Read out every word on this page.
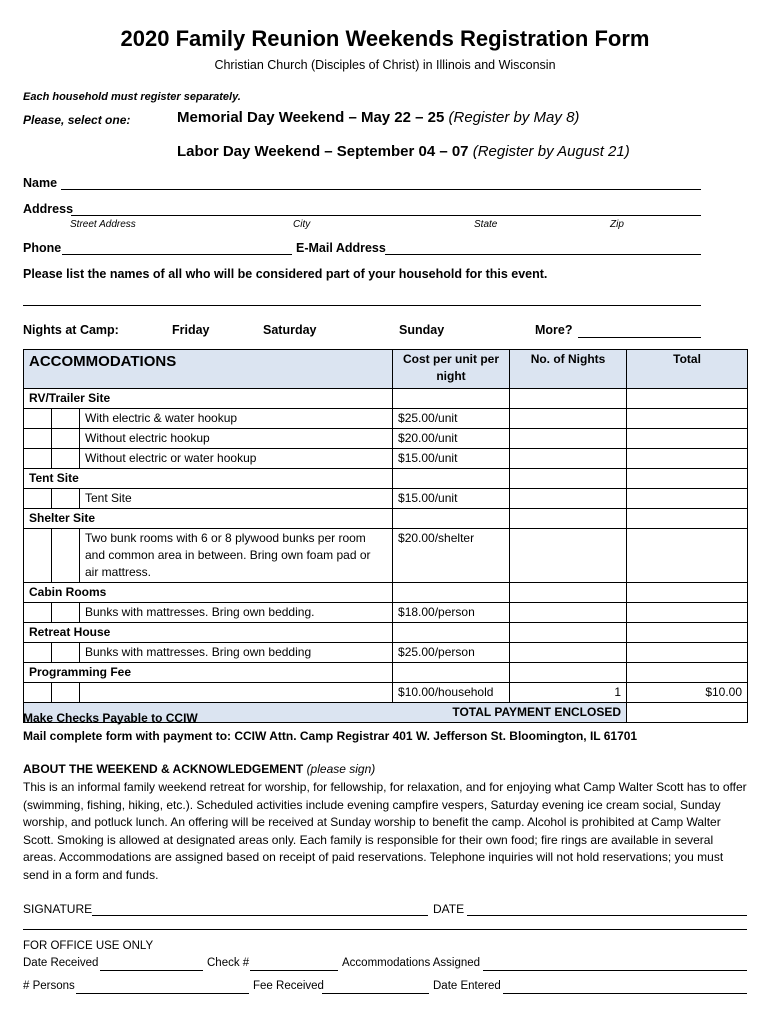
2020 Family Reunion Weekends Registration Form
Christian Church (Disciples of Christ) in Illinois and Wisconsin
Each household must register separately.
Please, select one:	Memorial Day Weekend – May 22 – 25 (Register by May 8)
Labor Day Weekend – September 04 – 07 (Register by August 21)
Name
Address
Street Address	City	State	Zip
Phone	E-Mail Address
Please list the names of all who will be considered part of your household for this event.
Nights at Camp:	Friday	Saturday	Sunday	More?
ACCOMMODATIONS			Cost per unit per night	No. of Nights	Total
RV/Trailer Site					
		With electric & water hookup	$25.00/unit		
		Without electric hookup	$20.00/unit		
		Without electric or water hookup	$15.00/unit		
Tent Site					
		Tent Site	$15.00/unit		
Shelter Site					
		Two bunk rooms with 6 or 8 plywood bunks per room and common area in between. Bring own foam pad or air mattress.	$20.00/shelter		
Cabin Rooms					
		Bunks with mattresses. Bring own bedding.	$18.00/person		
Retreat House					
		Bunks with mattresses. Bring own bedding	$25.00/person		
Programming Fee					
			$10.00/household	1	$10.00
TOTAL PAYMENT ENCLOSED					
Make Checks Payable to CCIW
Mail complete form with payment to: CCIW Attn. Camp Registrar 401 W. Jefferson St. Bloomington, IL 61701
ABOUT THE WEEKEND & ACKNOWLEDGEMENT (please sign)
This is an informal family weekend retreat for worship, for fellowship, for relaxation, and for enjoying what Camp Walter Scott has to offer (swimming, fishing, hiking, etc.). Scheduled activities include evening campfire vespers, Saturday evening ice cream social, Sunday worship, and potluck lunch. An offering will be received at Sunday worship to benefit the camp. Alcohol is prohibited at Camp Walter Scott. Smoking is allowed at designated areas only. Each family is responsible for their own food; fire rings are available in several areas. Accommodations are assigned based on receipt of paid reservations. Telephone inquiries will not hold reservations; you must send in a form and funds.
SIGNATURE	DATE
FOR OFFICE USE ONLY
Date Received	Check #	Accommodations Assigned
# Persons	Fee Received	Date Entered
